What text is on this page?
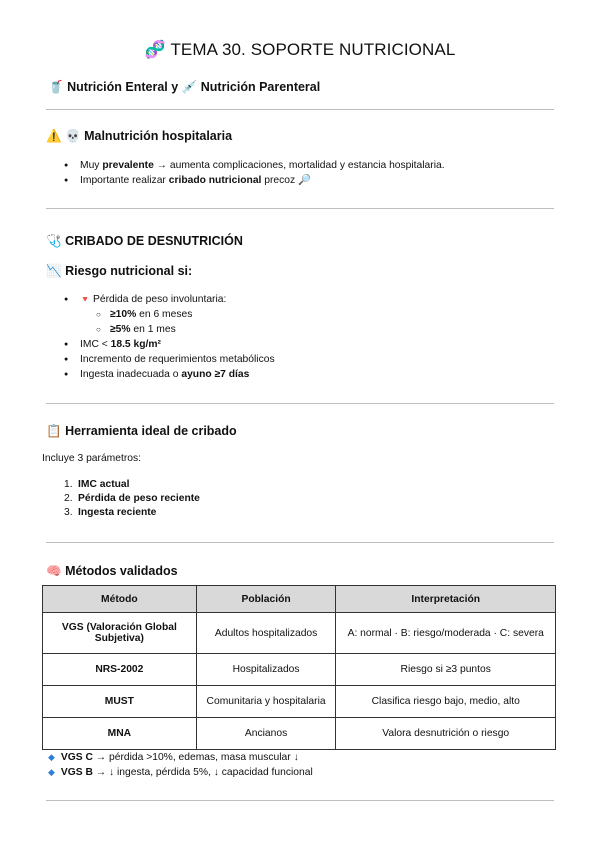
🧬 TEMA 30. SOPORTE NUTRICIONAL
🥤 Nutrición Enteral y 💉 Nutrición Parenteral
⚠️ 💀 Malnutrición hospitalaria
● Muy prevalente → aumenta complicaciones, mortalidad y estancia hospitalaria.
● Importante realizar cribado nutricional precoz 🔎
🩺 CRIBADO DE DESNUTRICIÓN
📉 Riesgo nutricional si:
● 🔻 Pérdida de peso involuntaria:
○ ≥10% en 6 meses
○ ≥5% en 1 mes
● IMC < 18.5 kg/m²
● Incremento de requerimientos metabólicos
● Ingesta inadecuada o ayuno ≥7 días
📋 Herramienta ideal de cribado
Incluye 3 parámetros:
1. IMC actual
2. Pérdida de peso reciente
3. Ingesta reciente
🧠 Métodos validados
Método	Población	Interpretación
VGS (Valoración Global Subjetiva)	Adultos hospitalizados	A: normal · B: riesgo/moderada · C: severa
NRS-2002	Hospitalizados	Riesgo si ≥3 puntos
MUST	Comunitaria y hospitalaria	Clasifica riesgo bajo, medio, alto
MNA	Ancianos	Valora desnutrición o riesgo
◆ VGS C → pérdida >10%, edemas, masa muscular ↓
◆ VGS B → ↓ ingesta, pérdida 5%, ↓ capacidad funcional
